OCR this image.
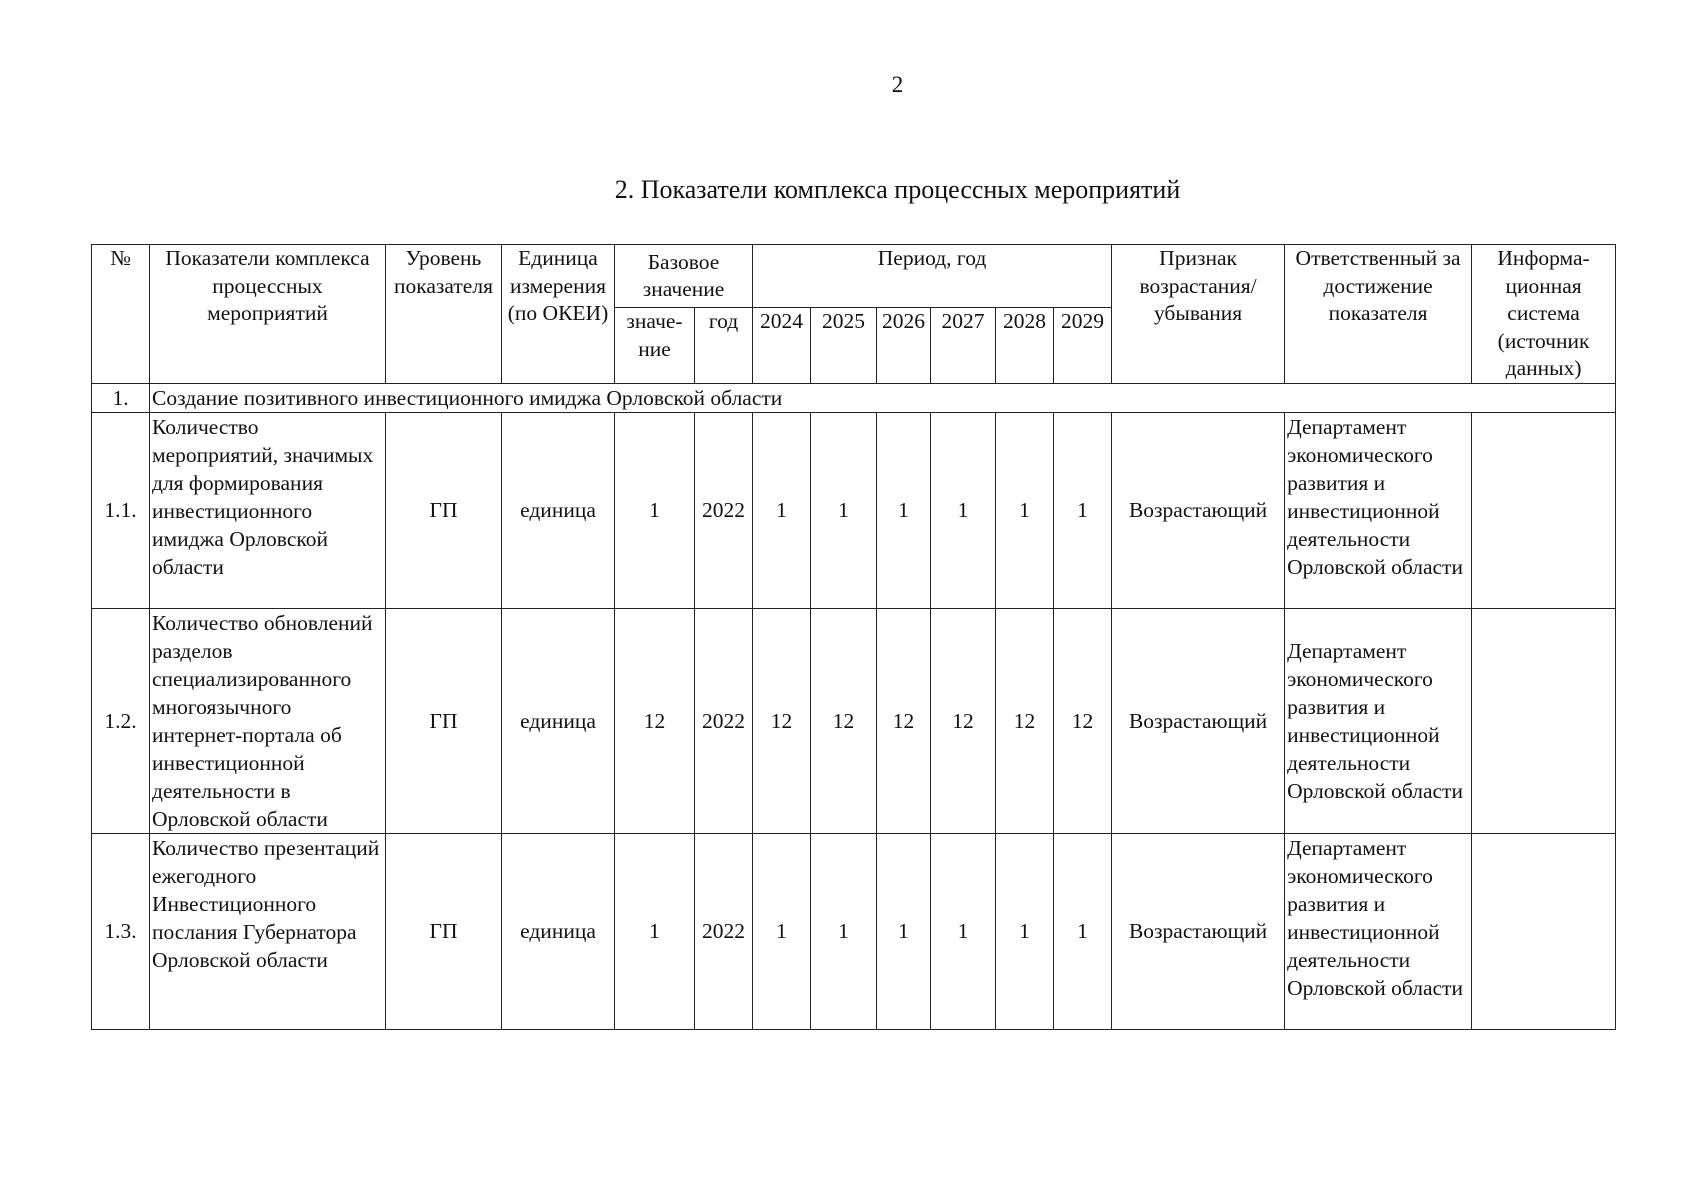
2
2. Показатели комплекса процессных мероприятий
№	Показатели комплекса процессных мероприятий	Уровень показателя	Единица измерения (по ОКЕИ)	Базовое значение		Период, год						Признак возрастания/ убывания	Ответственный за достижение показателя	Информа-ционная система (источник данных)
				значе-ние	год	2024	2025	2026	2027	2028	2029			
1.	Создание позитивного инвестиционного имиджа Орловской области													
1.1.	Количество мероприятий, значимых для формирования инвестиционного имиджа Орловской области	ГП	единица	1	2022	1	1	1	1	1	1	Возрастающий	Департамент экономического развития и инвестиционной деятельности Орловской области	
1.2.	Количество обновлений разделов специализированного многоязычного интернет-портала об инвестиционной деятельности в Орловской области	ГП	единица	12	2022	12	12	12	12	12	12	Возрастающий	Департамент экономического развития и инвестиционной деятельности Орловской области	
1.3.	Количество презентаций ежегодного Инвестиционного послания Губернатора Орловской области	ГП	единица	1	2022	1	1	1	1	1	1	Возрастающий	Департамент экономического развития и инвестиционной деятельности Орловской области	
